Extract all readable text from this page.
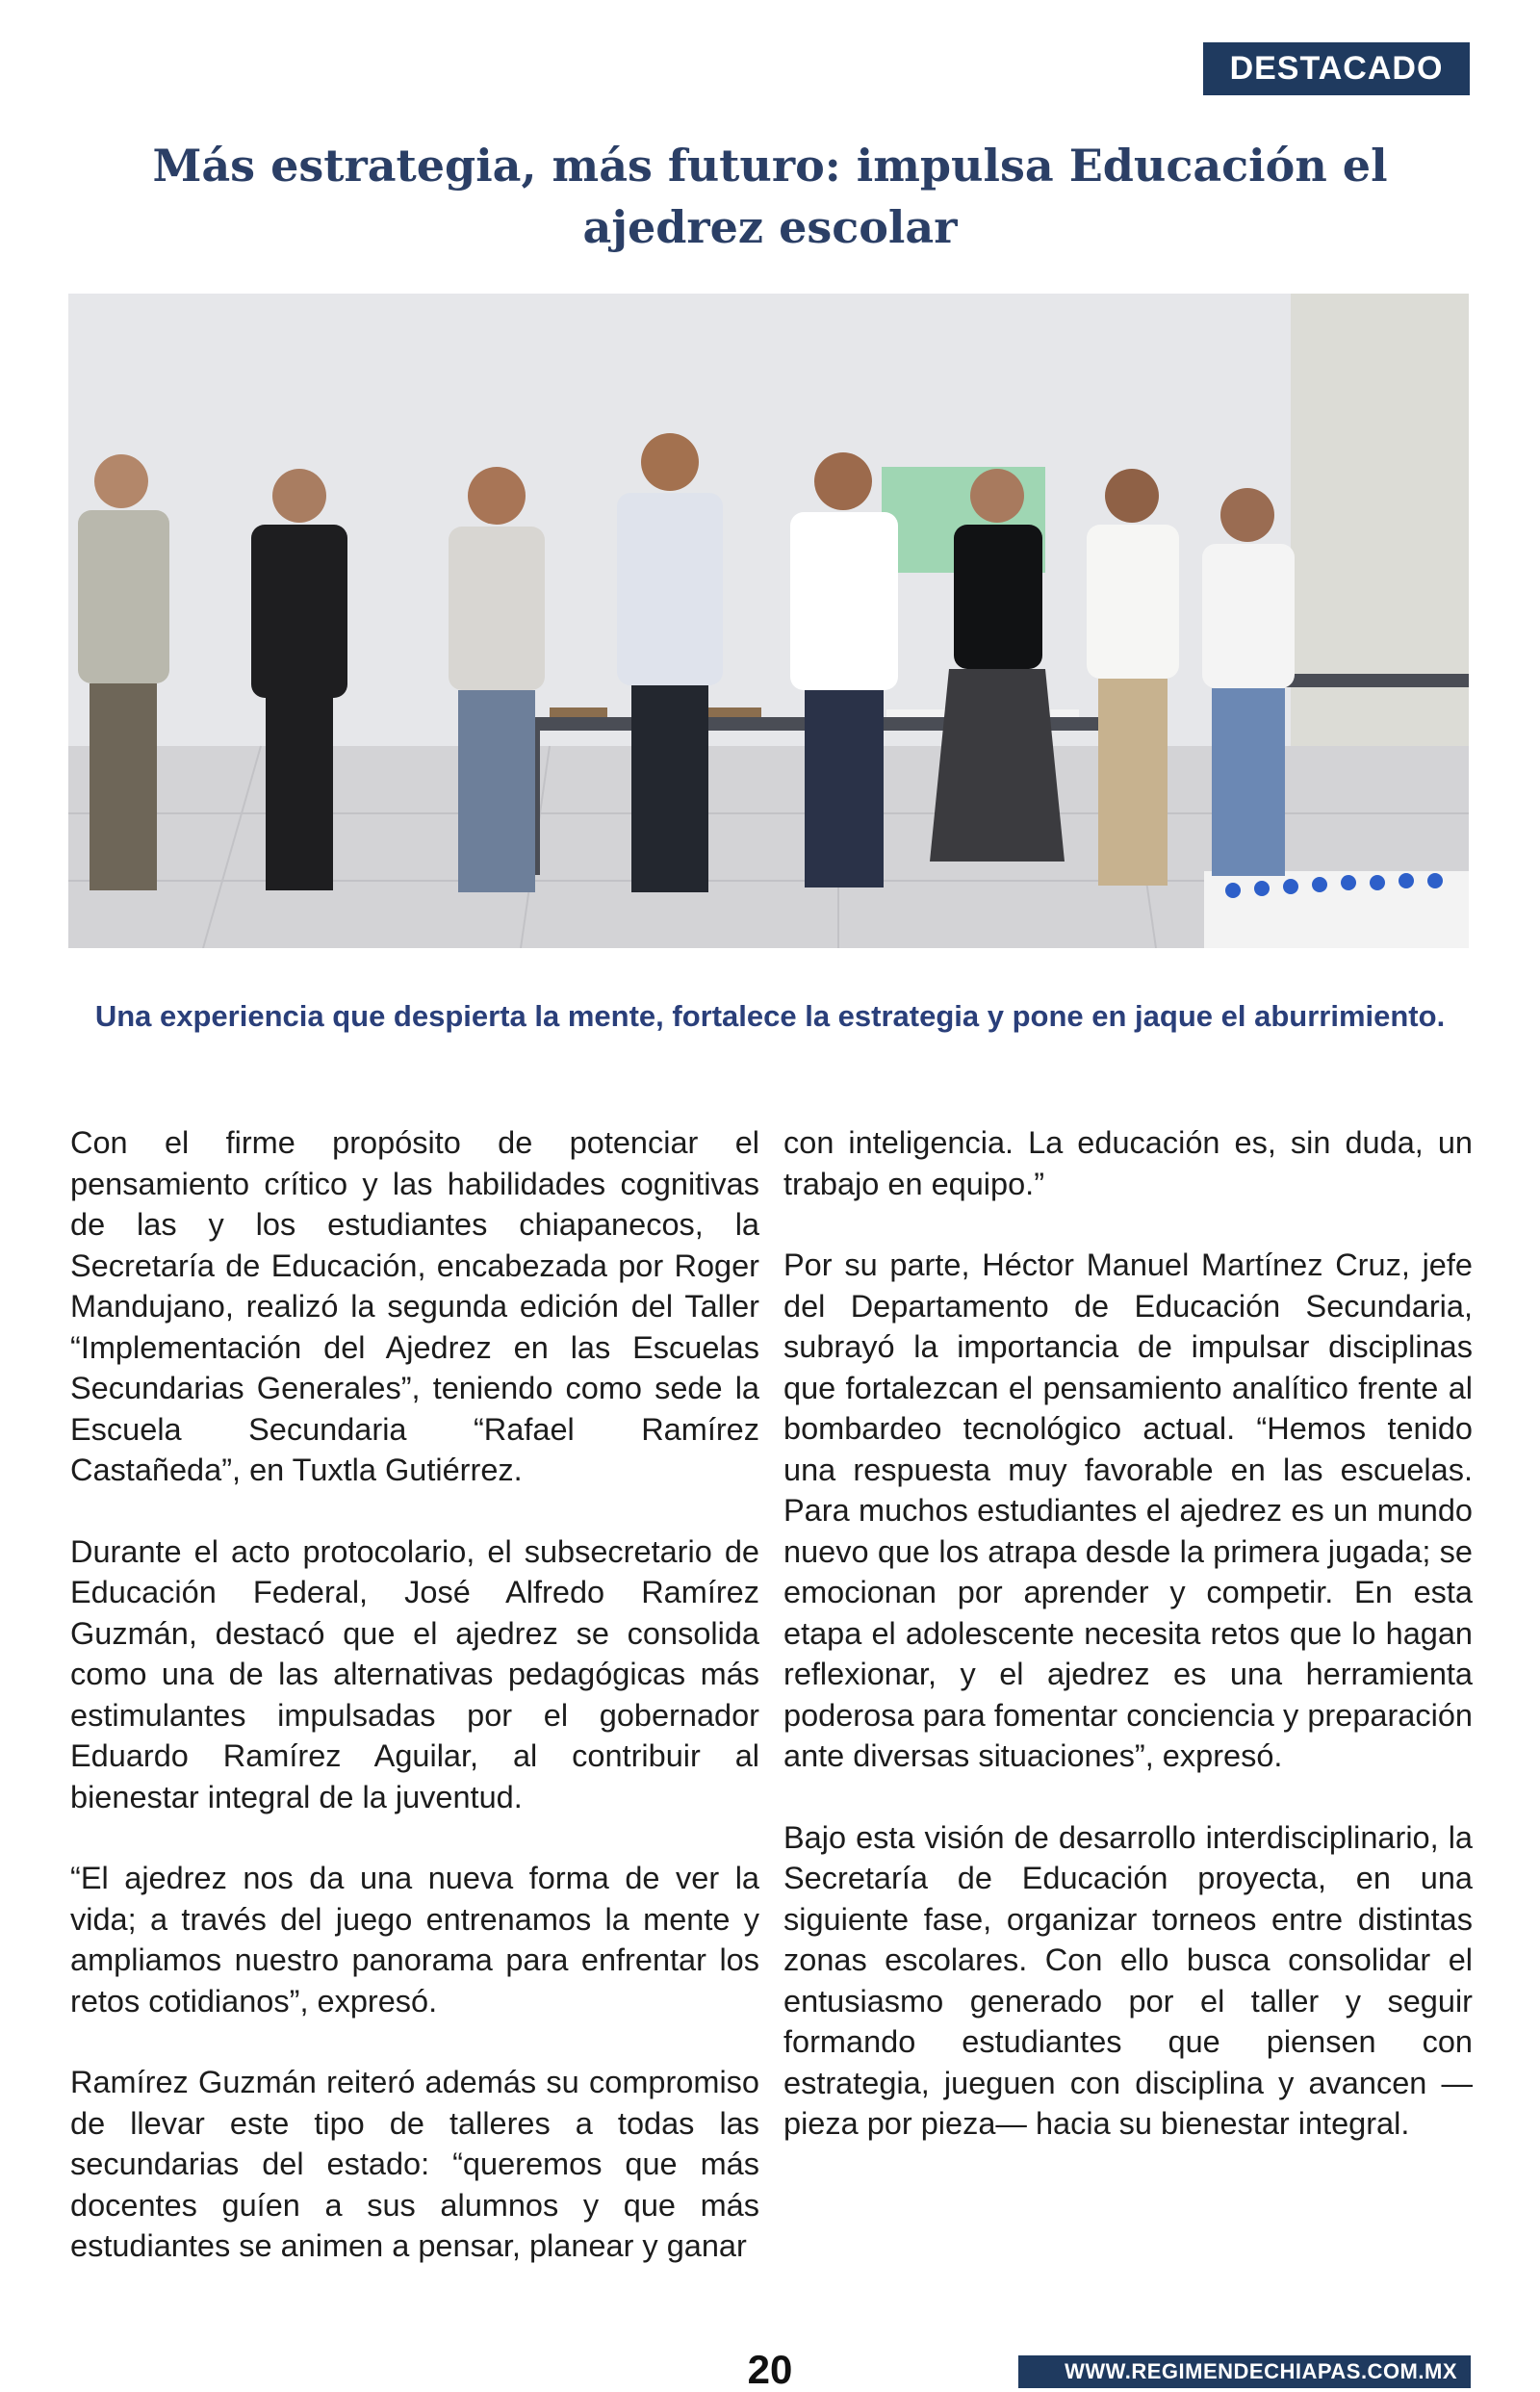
DESTACADO
Más estrategia, más futuro: impulsa Educación el ajedrez escolar

Una experiencia que despierta la mente, fortalece la estrategia y pone en jaque el aburrimiento.

Con el firme propósito de potenciar el pensamiento crítico y las habilidades cognitivas de las y los estudiantes chiapanecos, la Secretaría de Educación, encabezada por Roger Mandujano, realizó la segunda edición del Taller “Implementación del Ajedrez en las Escuelas Secundarias Generales”, teniendo como sede la Escuela Secundaria “Rafael Ramírez Castañeda”, en Tuxtla Gutiérrez.

Durante el acto protocolario, el subsecretario de Educación Federal, José Alfredo Ramírez Guzmán, destacó que el ajedrez se consolida como una de las alternativas pedagógicas más estimulantes impulsadas por el gobernador Eduardo Ramírez Aguilar, al contribuir al bienestar integral de la juventud.

“El ajedrez nos da una nueva forma de ver la vida; a través del juego entrenamos la mente y ampliamos nuestro panorama para enfrentar los retos cotidianos”, expresó.

Ramírez Guzmán reiteró además su compromiso de llevar este tipo de talleres a todas las secundarias del estado: “queremos que más docentes guíen a sus alumnos y que más estudiantes se animen a pensar, planear y ganar

con inteligencia. La educación es, sin duda, un trabajo en equipo.”

Por su parte, Héctor Manuel Martínez Cruz, jefe del Departamento de Educación Secundaria, subrayó la importancia de impulsar disciplinas que fortalezcan el pensamiento analítico frente al bombardeo tecnológico actual. “Hemos tenido una respuesta muy favorable en las escuelas. Para muchos estudiantes el ajedrez es un mundo nuevo que los atrapa desde la primera jugada; se emocionan por aprender y competir. En esta etapa el adolescente necesita retos que lo hagan reflexionar, y el ajedrez es una herramienta poderosa para fomentar conciencia y preparación ante diversas situaciones”, expresó.

Bajo esta visión de desarrollo interdisciplinario, la Secretaría de Educación proyecta, en una siguiente fase, organizar torneos entre distintas zonas escolares. Con ello busca consolidar el entusiasmo generado por el taller y seguir formando estudiantes que piensen con estrategia, jueguen con disciplina y avancen —pieza por pieza— hacia su bienestar integral.

20	WWW.REGIMENDECHIAPAS.COM.MX
